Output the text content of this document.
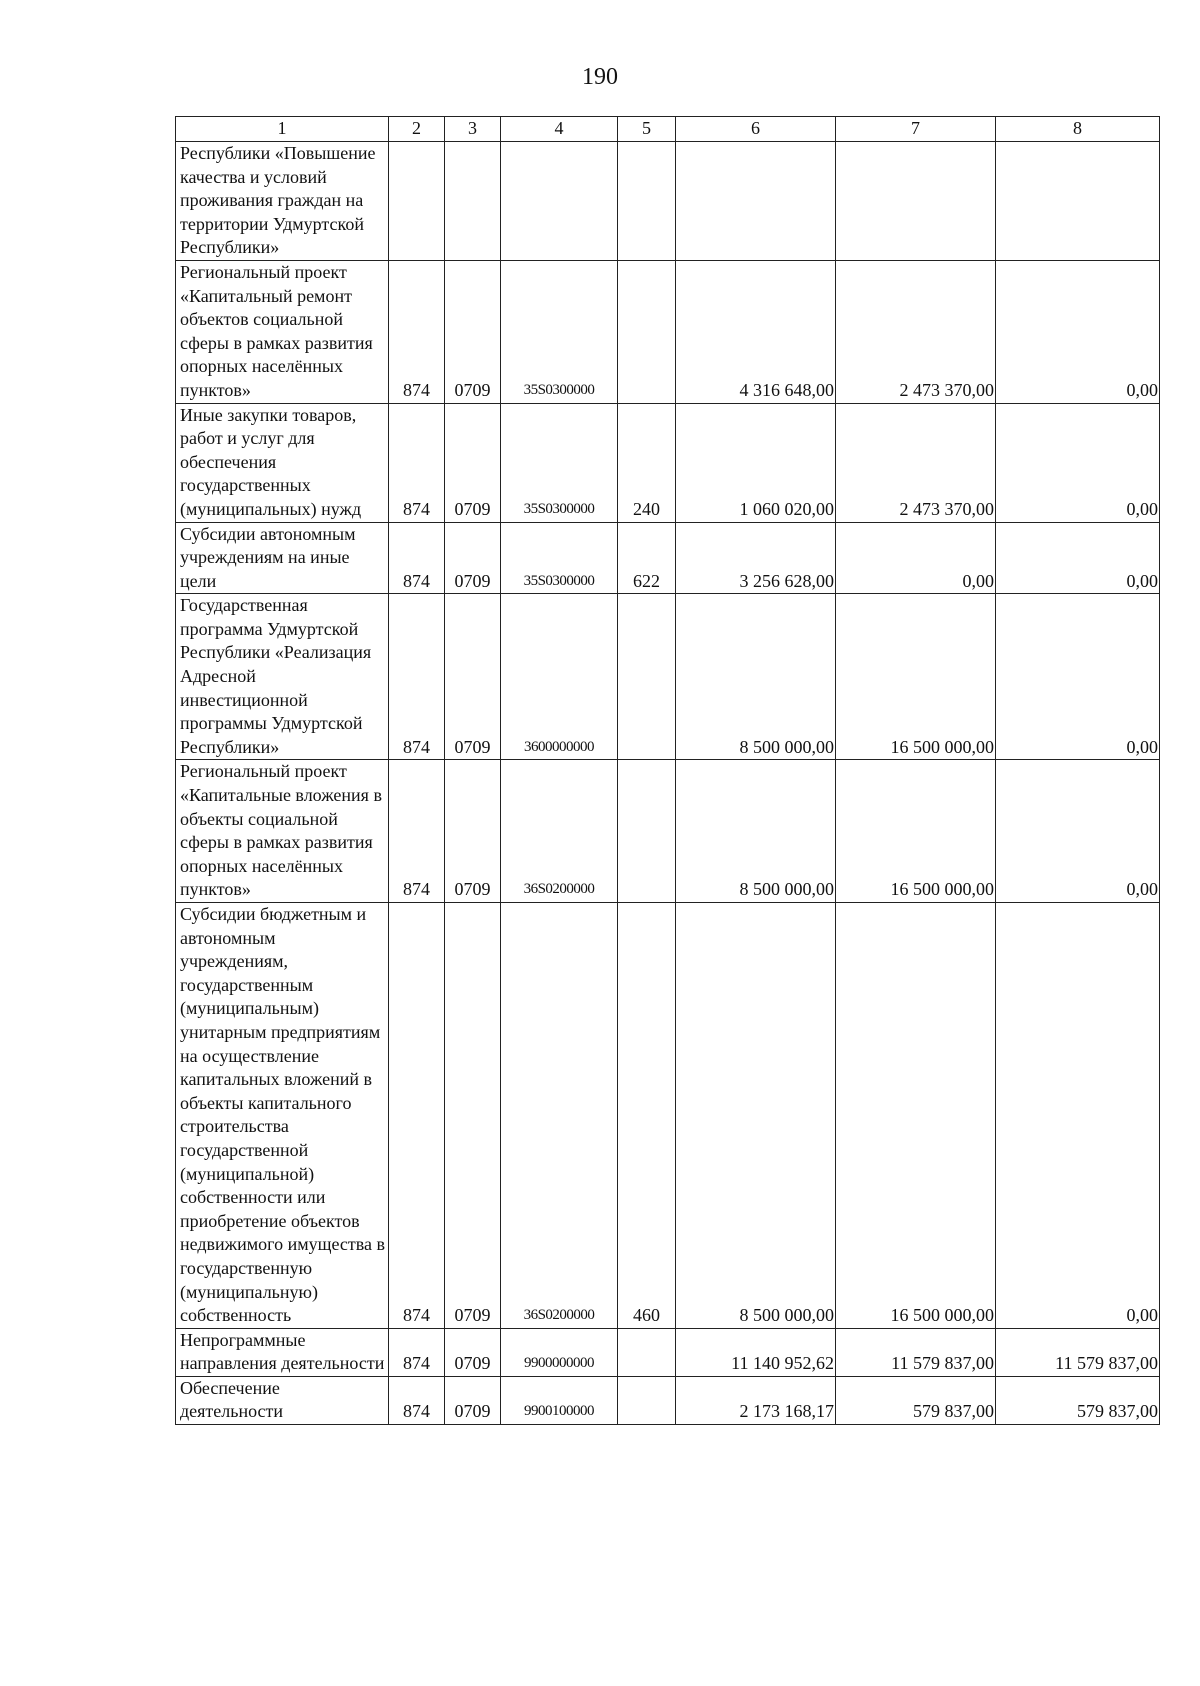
190
1	2	3	4	5	6	7	8
Республики «Повышение качества и условий проживания граждан на территории Удмуртской Республики»							
Региональный проект «Капитальный ремонт объектов социальной сферы в рамках развития опорных населённых пунктов»	874	0709	35S0300000		4 316 648,00	2 473 370,00	0,00
Иные закупки товаров, работ и услуг для обеспечения государственных (муниципальных) нужд	874	0709	35S0300000	240	1 060 020,00	2 473 370,00	0,00
Субсидии автономным учреждениям на иные цели	874	0709	35S0300000	622	3 256 628,00	0,00	0,00
Государственная программа Удмуртской Республики «Реализация Адресной инвестиционной программы Удмуртской Республики»	874	0709	3600000000		8 500 000,00	16 500 000,00	0,00
Региональный проект «Капитальные вложения в объекты социальной сферы в рамках развития опорных населённых пунктов»	874	0709	36S0200000		8 500 000,00	16 500 000,00	0,00
Субсидии бюджетным и автономным учреждениям, государственным (муниципальным) унитарным предприятиям на осуществление капитальных вложений в объекты капитального строительства государственной (муниципальной) собственности или приобретение объектов недвижимого имущества в государственную (муниципальную) собственность	874	0709	36S0200000	460	8 500 000,00	16 500 000,00	0,00
Непрограммные направления деятельности	874	0709	9900000000		11 140 952,62	11 579 837,00	11 579 837,00
Обеспечение деятельности	874	0709	9900100000		2 173 168,17	579 837,00	579 837,00
